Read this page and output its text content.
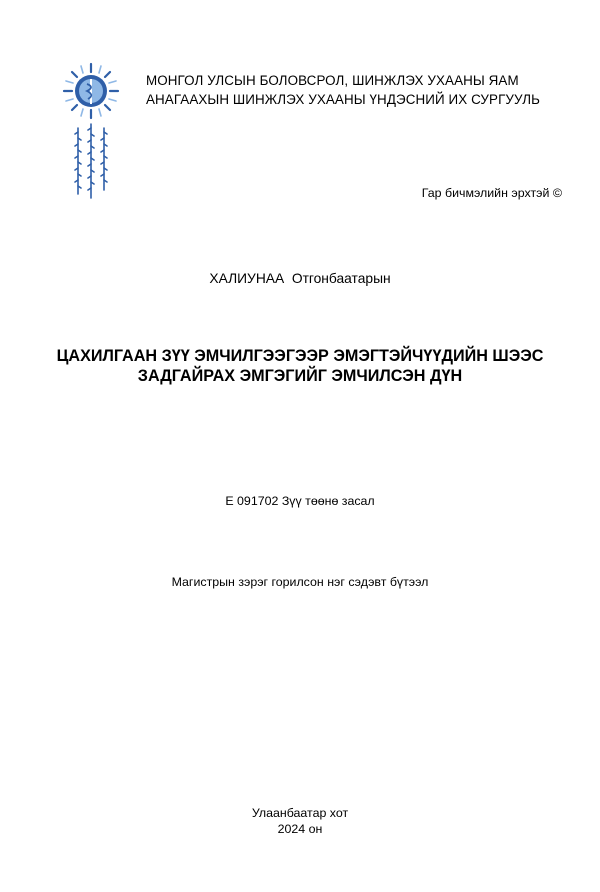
МОНГОЛ УЛСЫН БОЛОВСРОЛ, ШИНЖЛЭХ УХААНЫ ЯАМ
АНАГААХЫН ШИНЖЛЭХ УХААНЫ ҮНДЭСНИЙ ИХ СУРГУУЛЬ
Гар бичмэлийн эрхтэй ©
ХАЛИУНАА  Отгонбаатарын
ЦАХИЛГААН ЗҮҮ ЭМЧИЛГЭЭГЭЭР ЭМЭГТЭЙЧҮҮДИЙН ШЭЭС
ЗАДГАЙРАХ ЭМГЭГИЙГ ЭМЧИЛСЭН ДҮН
Е 091702 Зүү төөнө засал
Магистрын зэрэг горилсон нэг сэдэвт бүтээл
Улаанбаатар хот
2024 он
